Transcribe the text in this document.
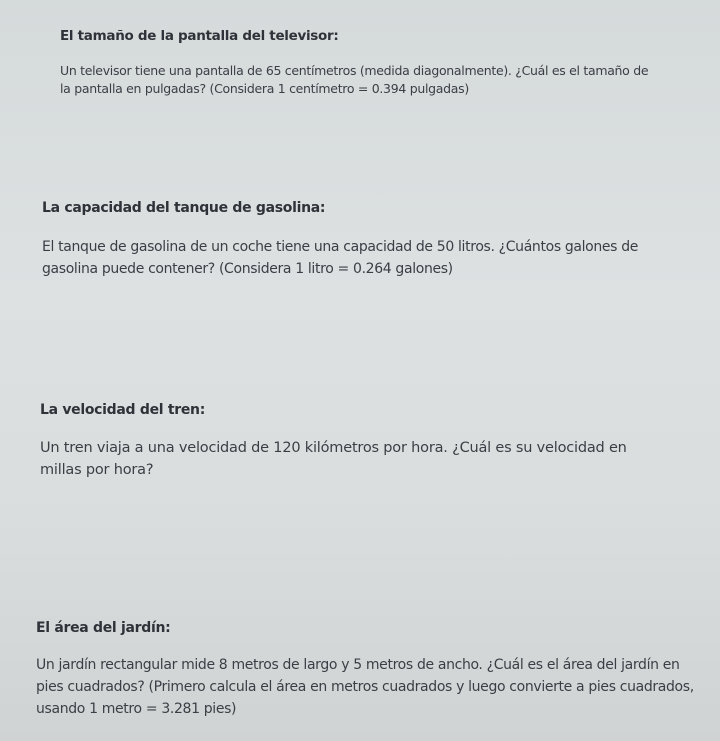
El tamaño de la pantalla del televisor:

Un televisor tiene una pantalla de 65 centímetros (medida diagonalmente). ¿Cuál es el tamaño de la pantalla en pulgadas? (Considera 1 centímetro = 0.394 pulgadas)

La capacidad del tanque de gasolina:

El tanque de gasolina de un coche tiene una capacidad de 50 litros. ¿Cuántos galones de gasolina puede contener? (Considera 1 litro = 0.264 galones)

La velocidad del tren:

Un tren viaja a una velocidad de 120 kilómetros por hora. ¿Cuál es su velocidad en millas por hora?

El área del jardín:

Un jardín rectangular mide 8 metros de largo y 5 metros de ancho. ¿Cuál es el área del jardín en pies cuadrados? (Primero calcula el área en metros cuadrados y luego convierte a pies cuadrados, usando 1 metro = 3.281 pies)
